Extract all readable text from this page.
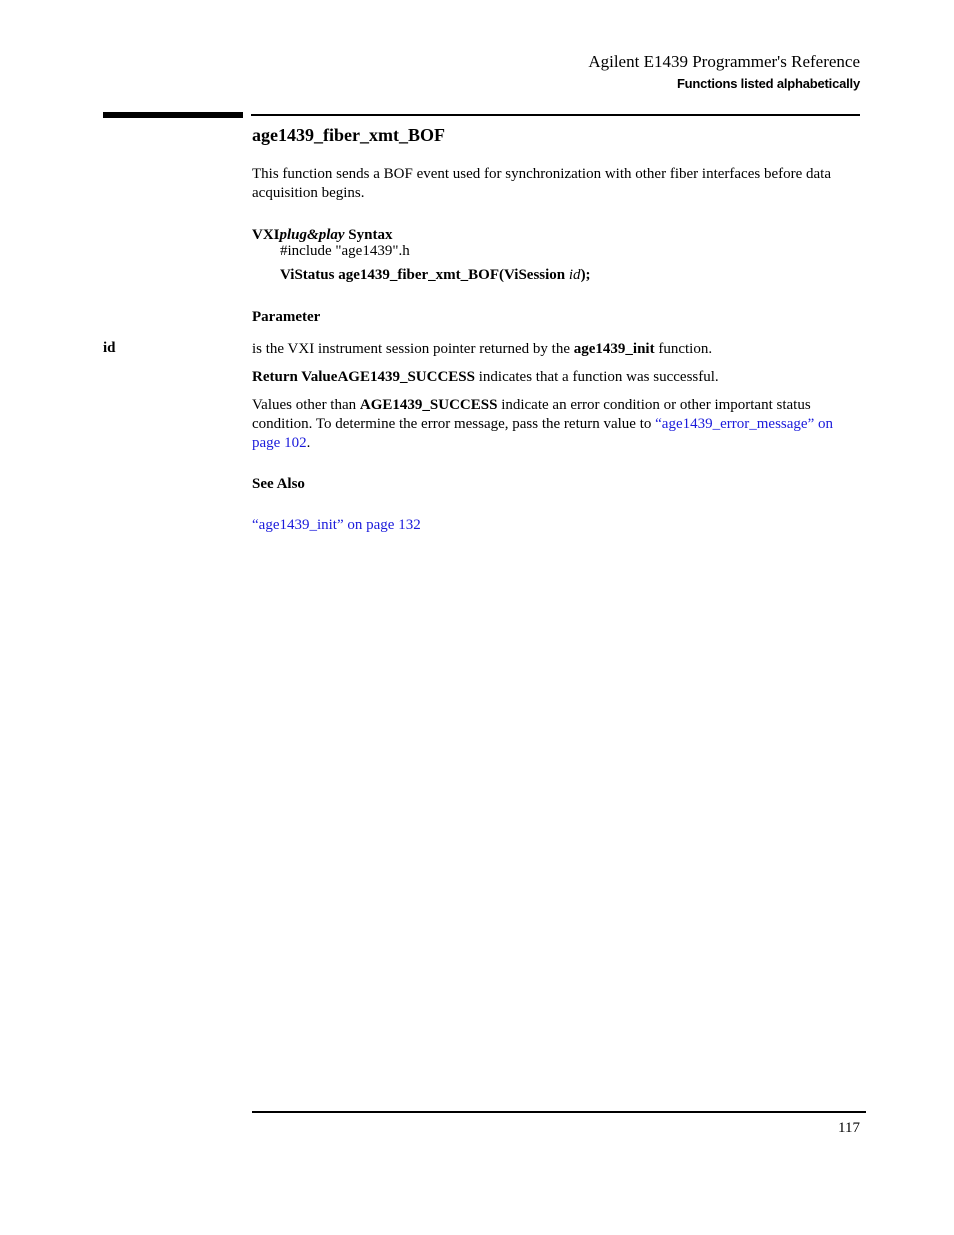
Agilent E1439 Programmer's Reference
Functions listed alphabetically
age1439_fiber_xmt_BOF
This function sends a BOF event used for synchronization with other fiber interfaces before data acquisition begins.
VXIplug&play Syntax
#include "age1439".h
ViStatus age1439_fiber_xmt_BOF(ViSession id);
Parameter
id	is the VXI instrument session pointer returned by the age1439_init function.
Return ValueAGE1439_SUCCESS indicates that a function was successful.
Values other than AGE1439_SUCCESS indicate an error condition or other important status condition. To determine the error message, pass the return value to “age1439_error_message” on page 102.
See Also
“age1439_init” on page 132
117
